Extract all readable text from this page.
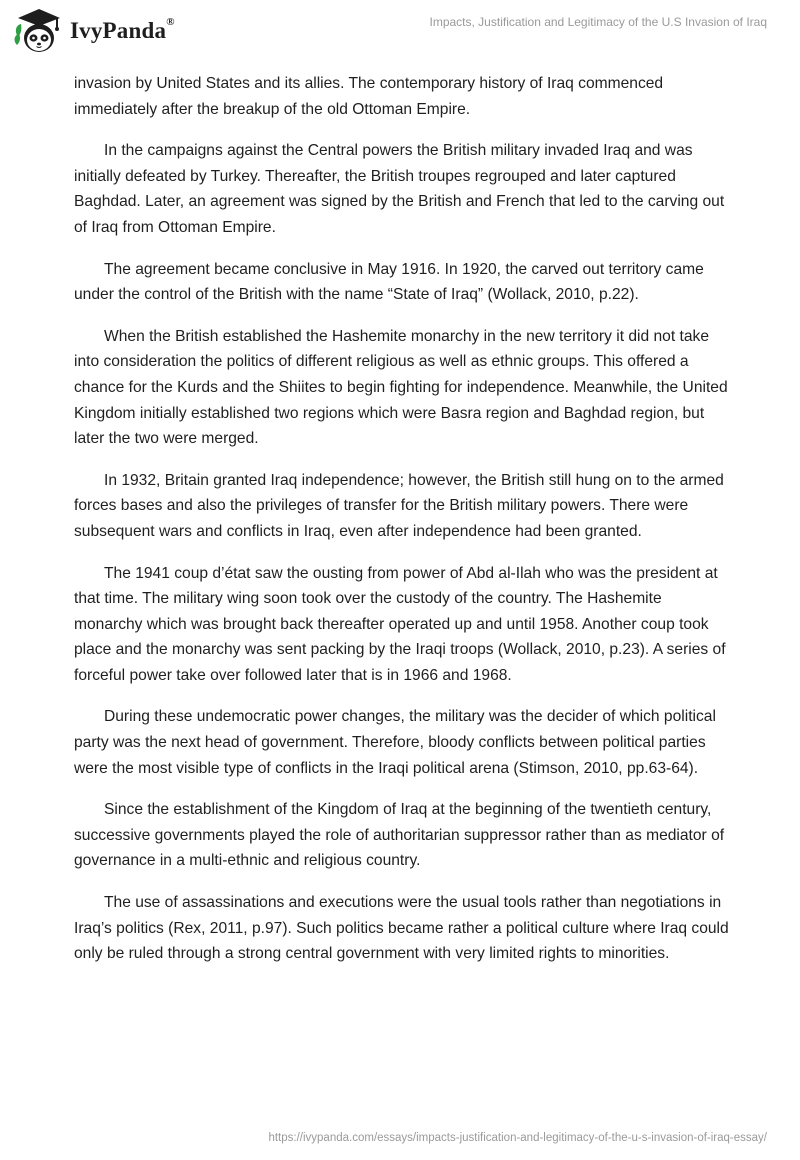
IvyPanda®	Impacts, Justification and Legitimacy of the U.S Invasion of Iraq

invasion by United States and its allies. The contemporary history of Iraq commenced immediately after the breakup of the old Ottoman Empire.

In the campaigns against the Central powers the British military invaded Iraq and was initially defeated by Turkey. Thereafter, the British troupes regrouped and later captured Baghdad. Later, an agreement was signed by the British and French that led to the carving out of Iraq from Ottoman Empire.

The agreement became conclusive in May 1916. In 1920, the carved out territory came under the control of the British with the name “State of Iraq” (Wollack, 2010, p.22).

When the British established the Hashemite monarchy in the new territory it did not take into consideration the politics of different religious as well as ethnic groups. This offered a chance for the Kurds and the Shiites to begin fighting for independence. Meanwhile, the United Kingdom initially established two regions which were Basra region and Baghdad region, but later the two were merged.

In 1932, Britain granted Iraq independence; however, the British still hung on to the armed forces bases and also the privileges of transfer for the British military powers. There were subsequent wars and conflicts in Iraq, even after independence had been granted.

The 1941 coup d’état saw the ousting from power of Abd al-Ilah who was the president at that time. The military wing soon took over the custody of the country. The Hashemite monarchy which was brought back thereafter operated up and until 1958. Another coup took place and the monarchy was sent packing by the Iraqi troops (Wollack, 2010, p.23). A series of forceful power take over followed later that is in 1966 and 1968.

During these undemocratic power changes, the military was the decider of which political party was the next head of government. Therefore, bloody conflicts between political parties were the most visible type of conflicts in the Iraqi political arena (Stimson, 2010, pp.63-64).

Since the establishment of the Kingdom of Iraq at the beginning of the twentieth century, successive governments played the role of authoritarian suppressor rather than as mediator of governance in a multi-ethnic and religious country.

The use of assassinations and executions were the usual tools rather than negotiations in Iraq’s politics (Rex, 2011, p.97). Such politics became rather a political culture where Iraq could only be ruled through a strong central government with very limited rights to minorities.

https://ivypanda.com/essays/impacts-justification-and-legitimacy-of-the-u-s-invasion-of-iraq-essay/
